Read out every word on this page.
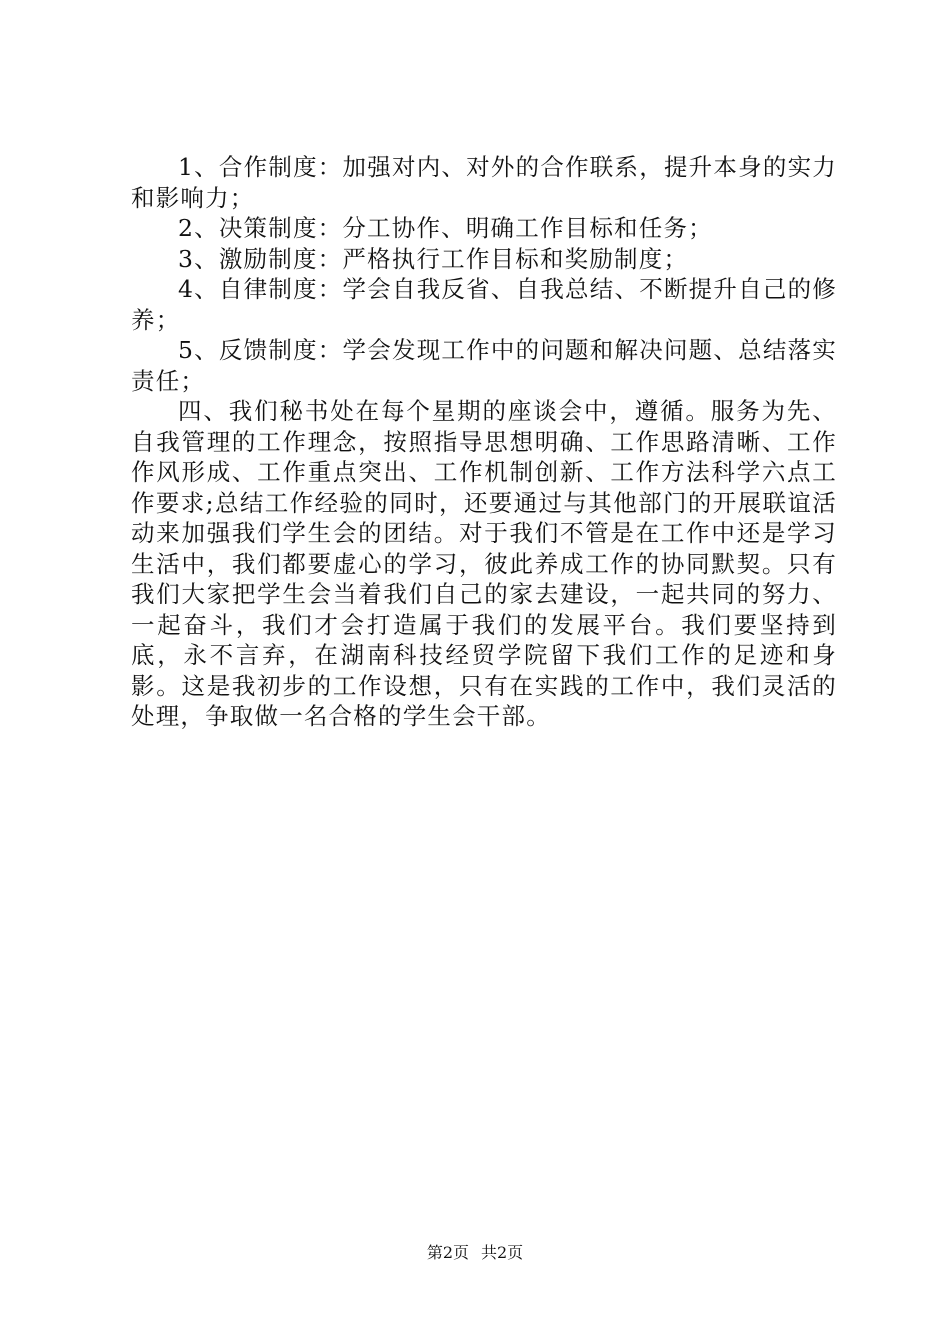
1、合作制度：加强对内、对外的合作联系，提升本身的实力和影响力；

2、决策制度：分工协作、明确工作目标和任务；

3、激励制度：严格执行工作目标和奖励制度；

4、自律制度：学会自我反省、自我总结、不断提升自己的修养；

5、反馈制度：学会发现工作中的问题和解决问题、总结落实责任；

四、我们秘书处在每个星期的座谈会中，遵循。服务为先、自我管理的工作理念，按照指导思想明确、工作思路清晰、工作作风形成、工作重点突出、工作机制创新、工作方法科学六点工作要求;总结工作经验的同时，还要通过与其他部门的开展联谊活动来加强我们学生会的团结。对于我们不管是在工作中还是学习生活中，我们都要虚心的学习，彼此养成工作的协同默契。只有我们大家把学生会当着我们自己的家去建设，一起共同的努力、一起奋斗，我们才会打造属于我们的发展平台。我们要坚持到底，永不言弃，在湖南科技经贸学院留下我们工作的足迹和身影。这是我初步的工作设想，只有在实践的工作中，我们灵活的处理，争取做一名合格的学生会干部。

第2页 共2页
